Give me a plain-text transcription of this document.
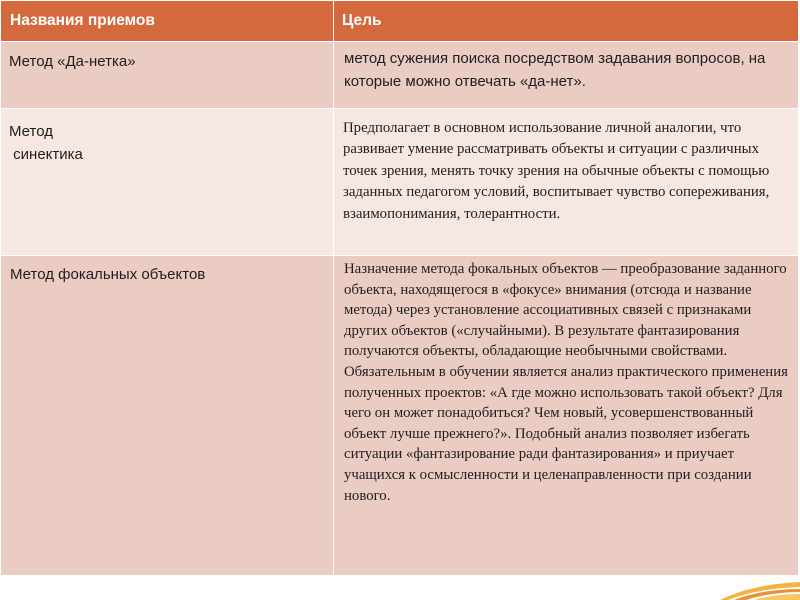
Названия приемов	Цель

Метод «Да-нетка»	метод сужения поиска посредством задавания вопросов, на которые можно отвечать «да-нет».

Метод
синектика	Предполагает в основном использование личной аналогии, что развивает умение рассматривать объекты и ситуации с различных точек зрения, менять точку зрения на обычные объекты с помощью заданных педагогом условий, воспитывает чувство сопереживания, взаимопонимания, толерантности.

Метод фокальных объектов	Назначение метода фокальных объектов — преобразование заданного объекта, находящегося в «фокусе» внимания (отсюда и название метода) через установление ассоциативных связей с признаками других объектов («случайными). В результате фантазирования получаются объекты, обладающие необычными свойствами. Обязательным в обучении является анализ практического применения полученных проектов: «А где можно использовать такой объект? Для чего он может понадобиться? Чем новый, усовершенствованный объект лучше прежнего?». Подобный анализ позволяет избегать ситуации «фантазирование ради фантазирования» и приучает учащихся к осмысленности и целенаправленности при создании нового.
